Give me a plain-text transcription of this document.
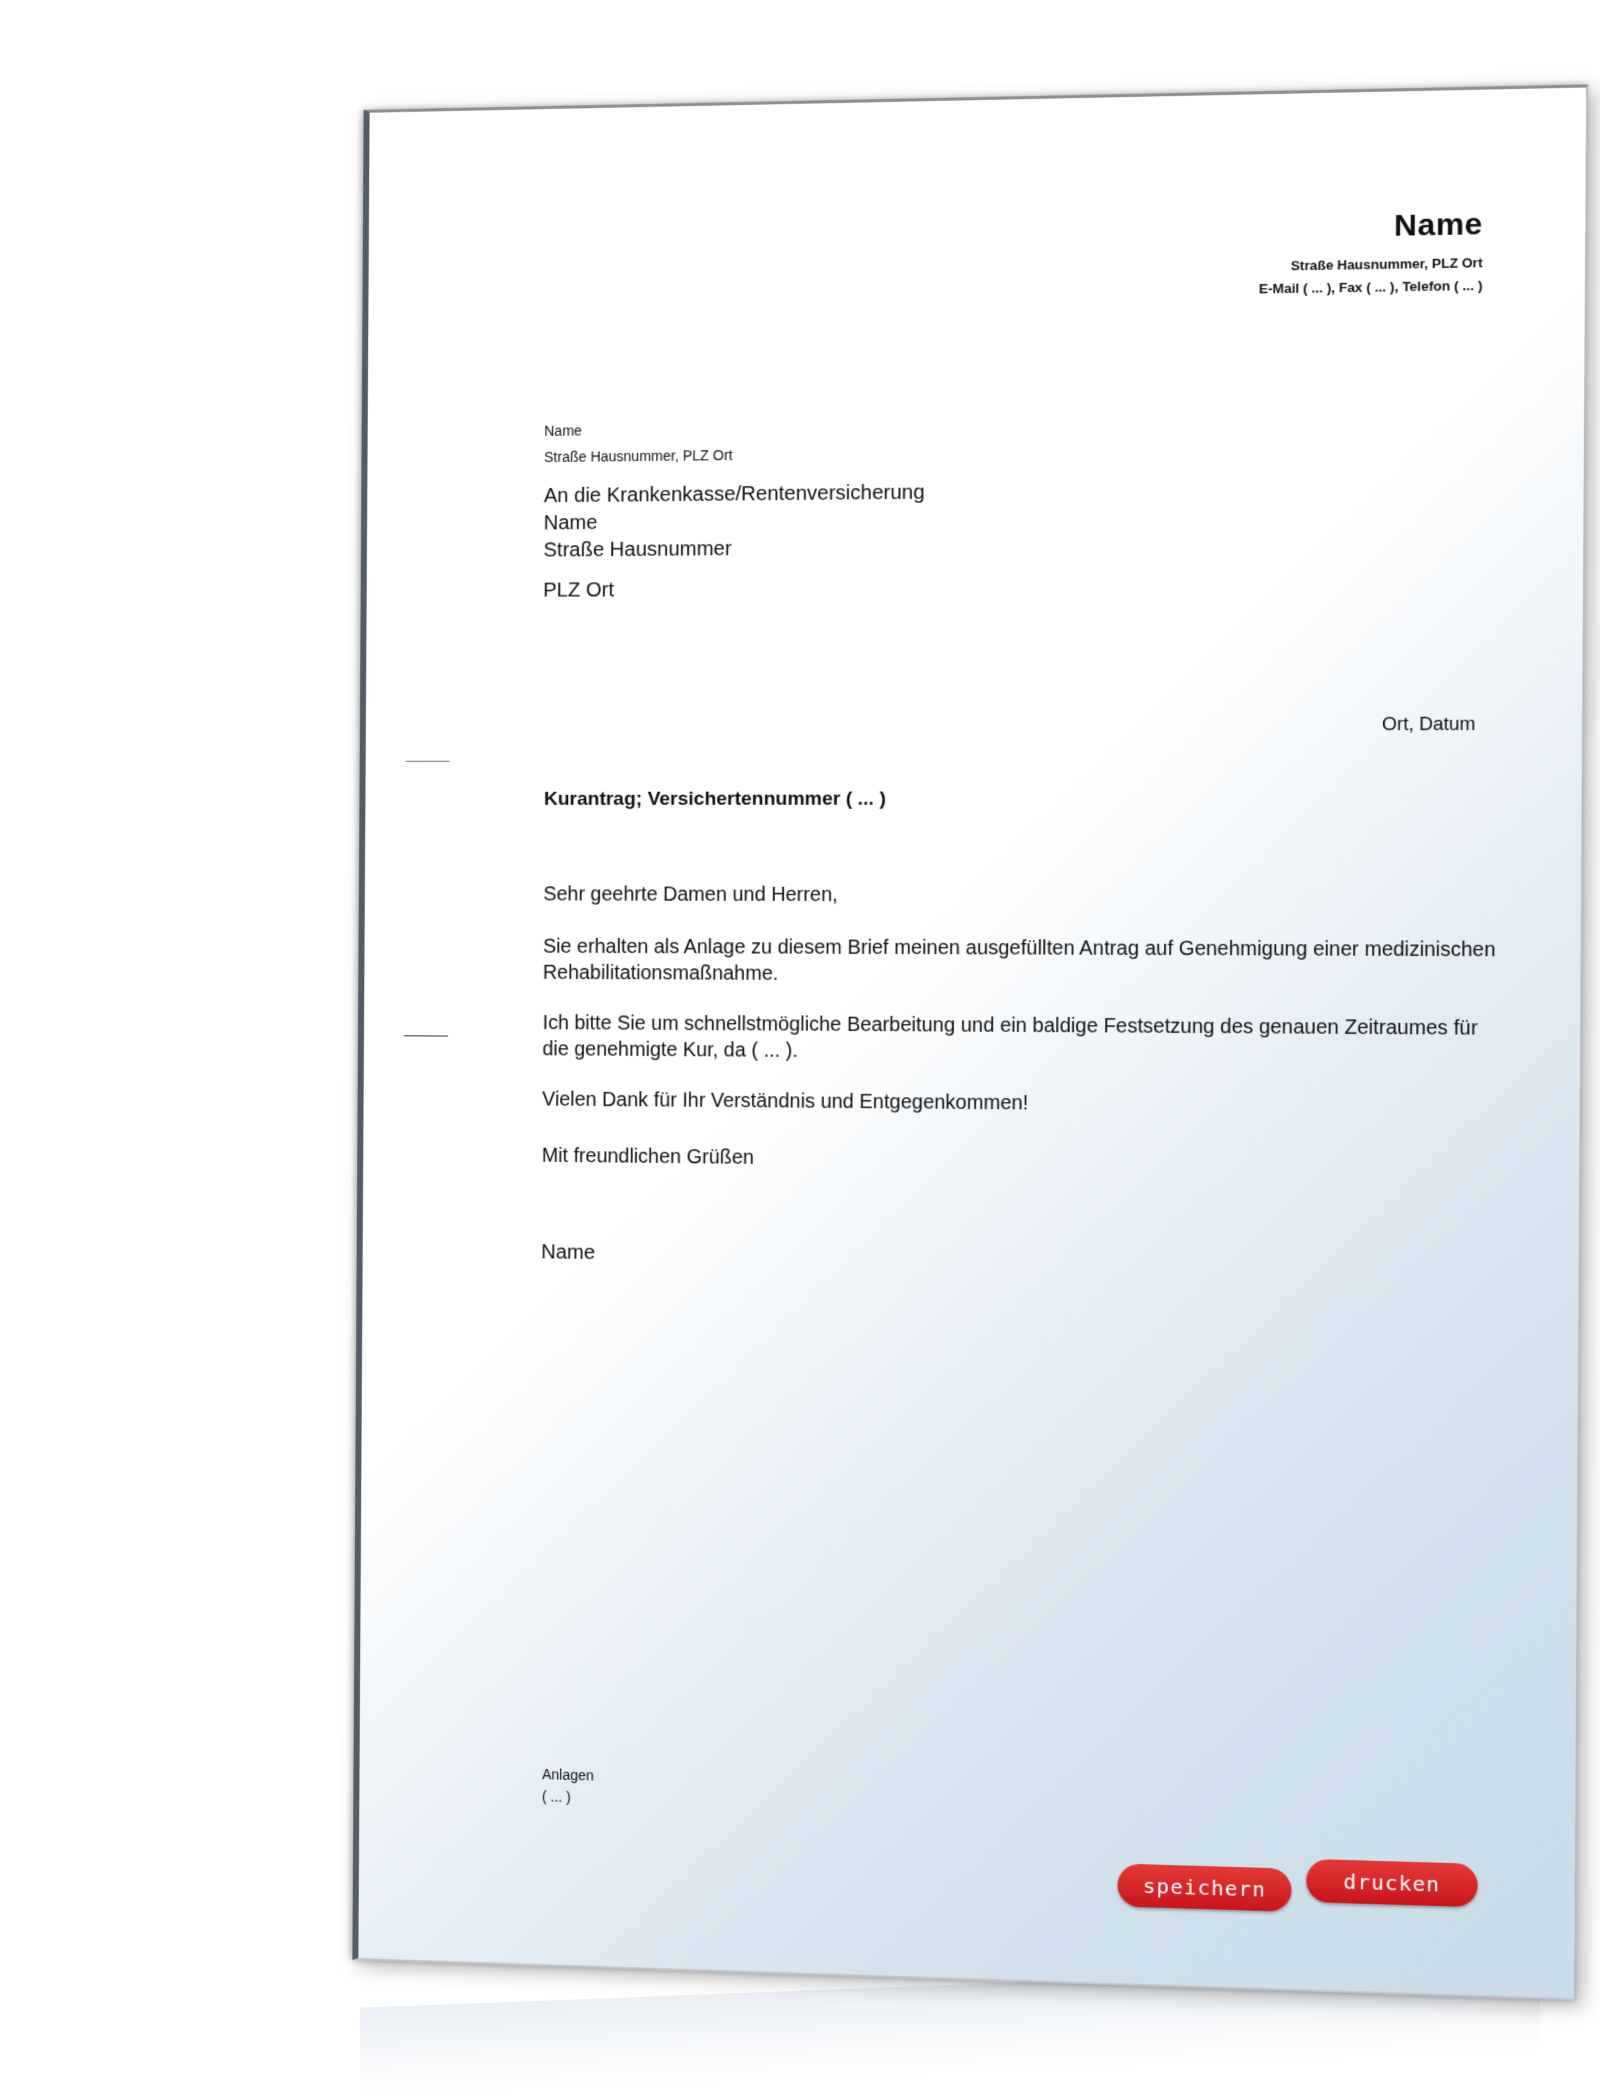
Name

Straße Hausnummer, PLZ Ort

E-Mail ( ... ), Fax ( ... ), Telefon ( ... )

Name

Straße Hausnummer, PLZ Ort

An die Krankenkasse/Rentenversicherung
Name
Straße Hausnummer

PLZ Ort

Ort, Datum

Kurantrag; Versichertennummer ( ... )

Sehr geehrte Damen und Herren,

Sie erhalten als Anlage zu diesem Brief meinen ausgefüllten Antrag auf Genehmigung einer medizinischen Rehabilitationsmaßnahme.

Ich bitte Sie um schnellstmögliche Bearbeitung und ein baldige Festsetzung des genauen Zeitraumes für die genehmigte Kur, da ( ... ).

Vielen Dank für Ihr Verständnis und Entgegenkommen!

Mit freundlichen Grüßen

Name

Anlagen

( ... )

speichern	drucken
